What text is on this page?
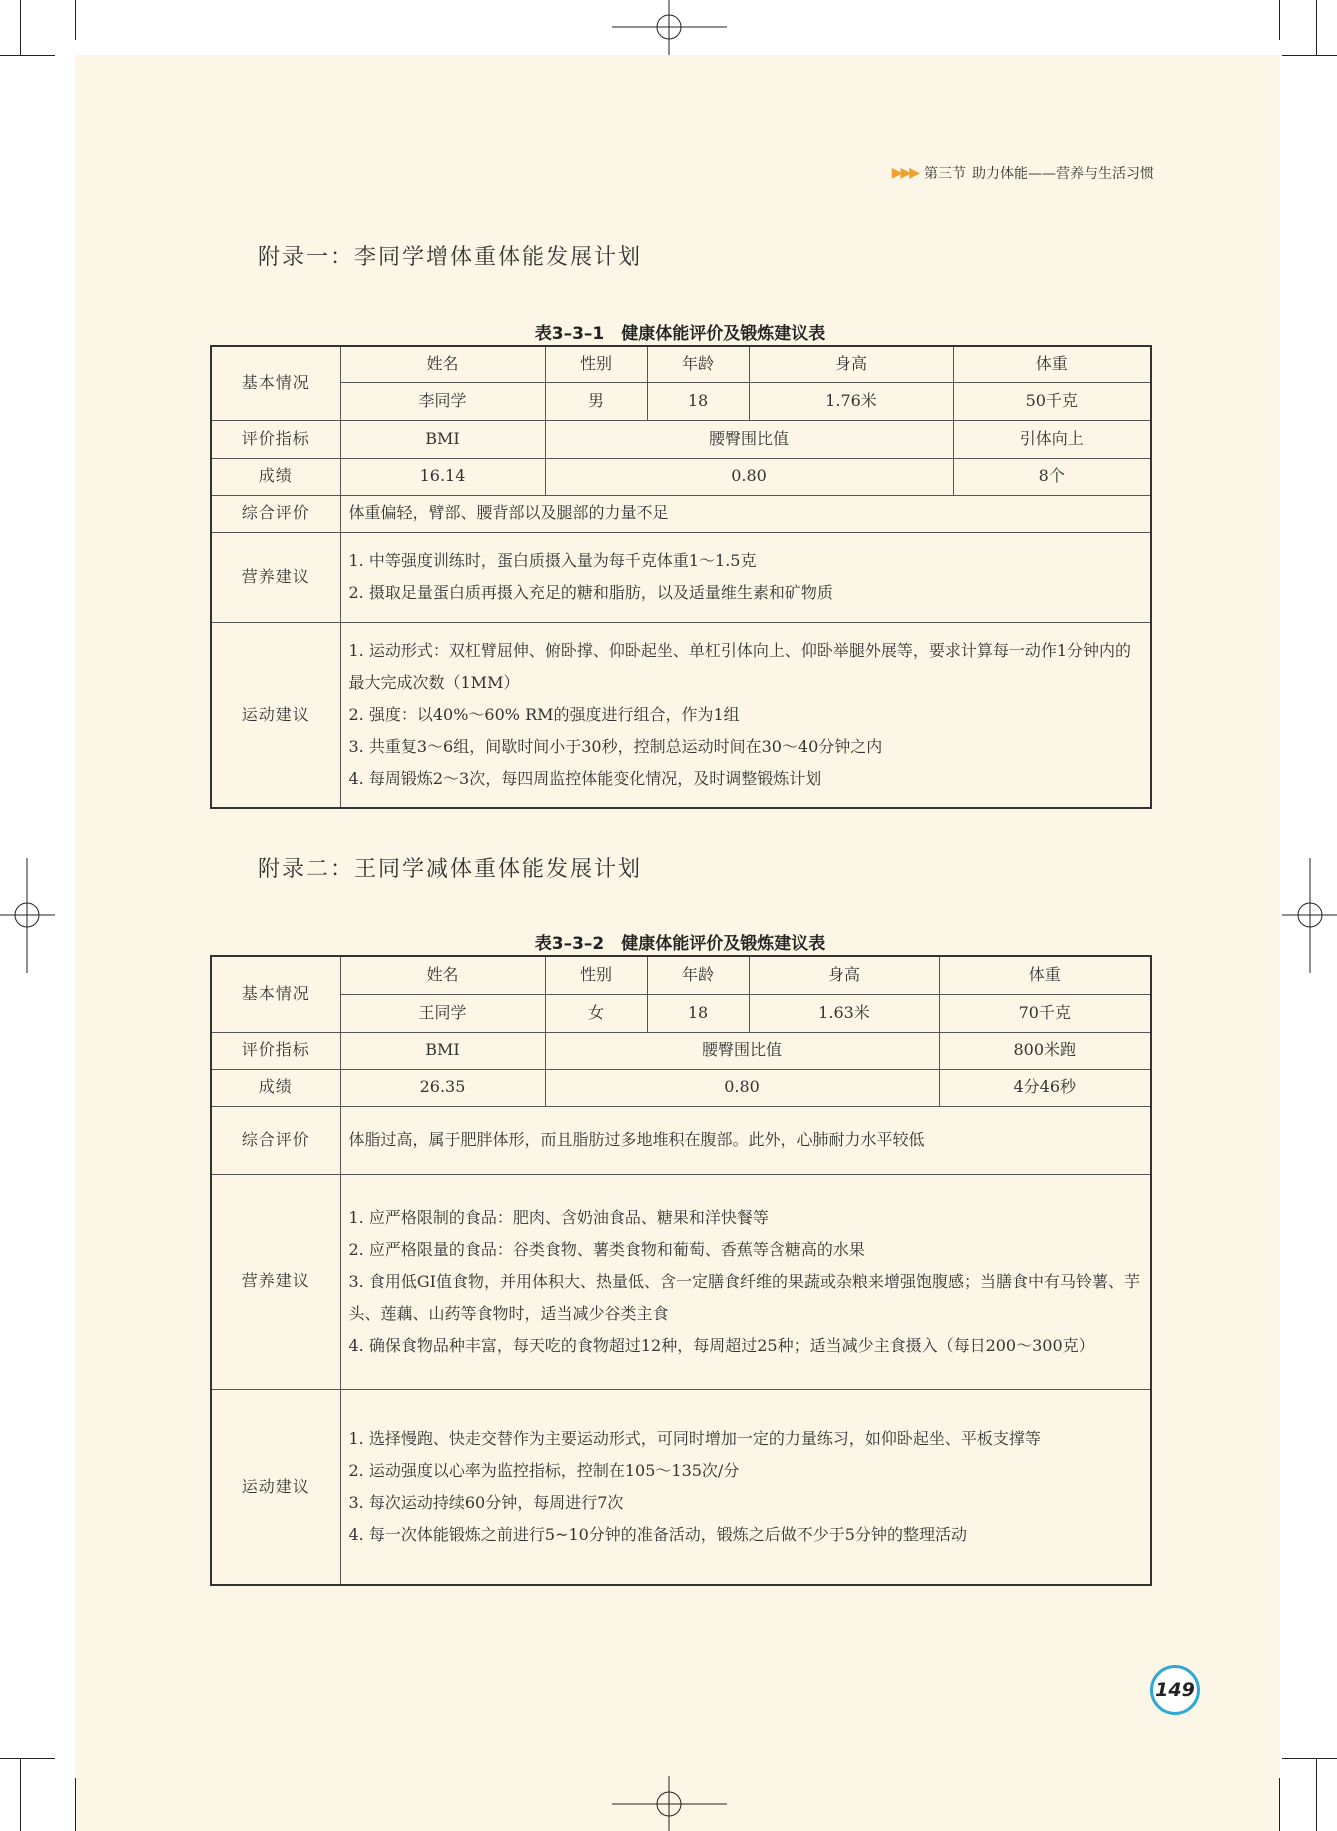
▶▶▶ 第三节 助力体能——营养与生活习惯
附录一：李同学增体重体能发展计划
表3–3–1　健康体能评价及锻炼建议表
基本情况	姓名	性别	年龄	身高	体重
	李同学	男	18	1.76米	50千克
评价指标	BMI	腰臀围比值			引体向上
成绩	16.14	0.80			8个
综合评价	体重偏轻，臂部、腰背部以及腿部的力量不足				
营养建议	1. 中等强度训练时，蛋白质摄入量为每千克体重1～1.5克
2. 摄取足量蛋白质再摄入充足的糖和脂肪，以及适量维生素和矿物质				

运动建议	1. 运动形式：双杠臂屈伸、俯卧撑、仰卧起坐、单杠引体向上、仰卧举腿外展等，要求计算每一动作1分钟内的最大完成次数（1MM）
2. 强度：以40%～60% RM的强度进行组合，作为1组
3. 共重复3～6组，间歇时间小于30秒，控制总运动时间在30～40分钟之内
4. 每周锻炼2～3次，每四周监控体能变化情况，及时调整锻炼计划				
附录二：王同学减体重体能发展计划
表3–3–2　健康体能评价及锻炼建议表
基本情况	姓名	性别	年龄	身高	体重
	王同学	女	18	1.63米	70千克
评价指标	BMI	腰臀围比值			800米跑
成绩	26.35	0.80			4分46秒
综合评价	体脂过高，属于肥胖体形，而且脂肪过多地堆积在腹部。此外，心肺耐力水平较低				
营养建议	1. 应严格限制的食品：肥肉、含奶油食品、糖果和洋快餐等
2. 应严格限量的食品：谷类食物、薯类食物和葡萄、香蕉等含糖高的水果
3. 食用低GI值食物，并用体积大、热量低、含一定膳食纤维的果蔬或杂粮来增强饱腹感；当膳食中有马铃薯、芋头、莲藕、山药等食物时，适当减少谷类主食
4. 确保食物品种丰富，每天吃的食物超过12种，每周超过25种；适当减少主食摄入（每日200～300克）				

运动建议	1. 选择慢跑、快走交替作为主要运动形式，可同时增加一定的力量练习，如仰卧起坐、平板支撑等
2. 运动强度以心率为监控指标，控制在105～135次/分
3. 每次运动持续60分钟，每周进行7次
4. 每一次体能锻炼之前进行5~10分钟的准备活动，锻炼之后做不少于5分钟的整理活动				
149
